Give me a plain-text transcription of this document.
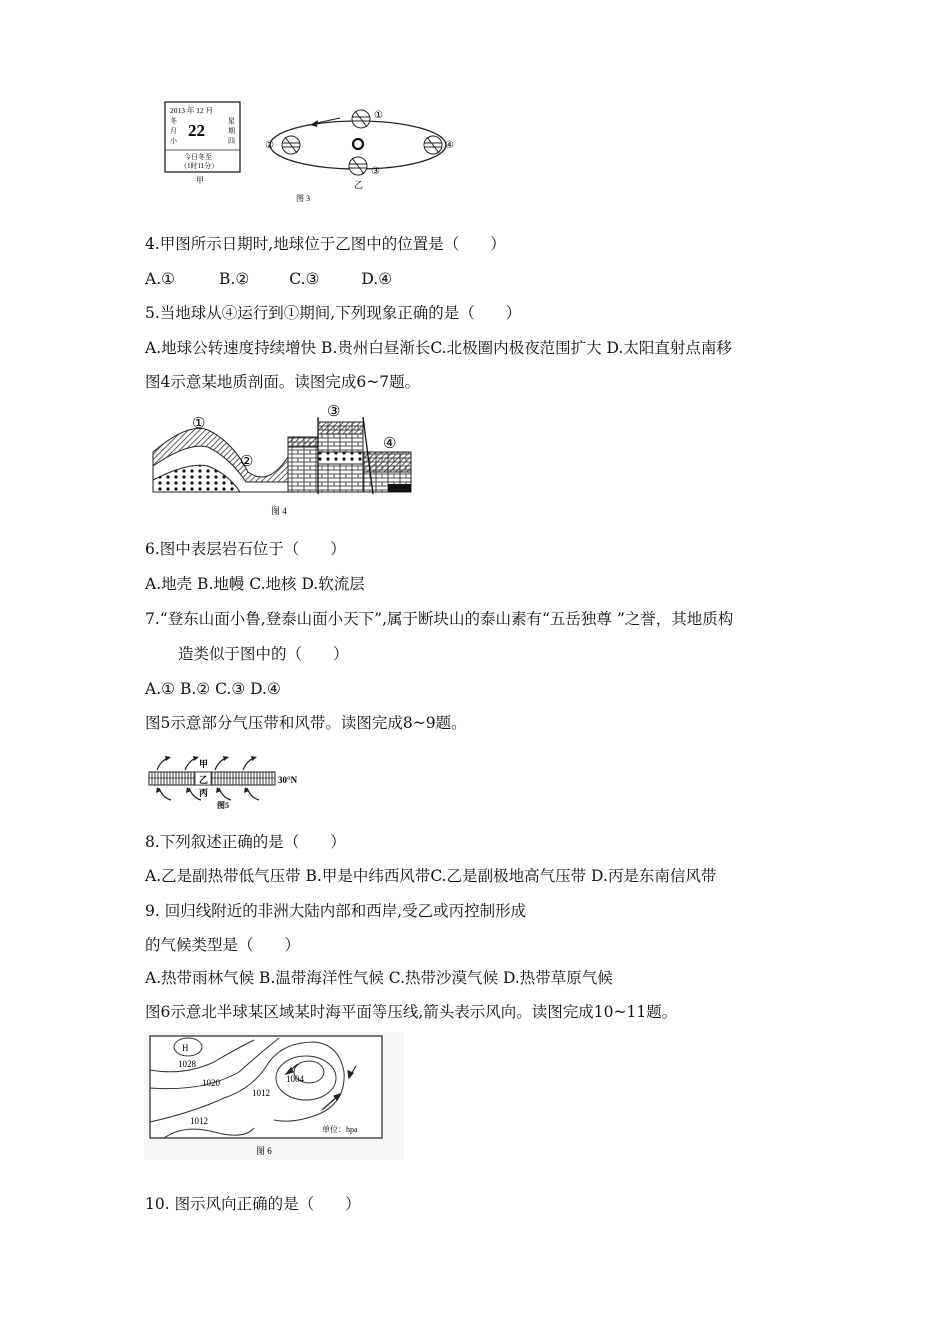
2013 年 12 月
22
冬
月
小
星
期
四
今日冬至
（1时11分）
甲
①
②
③
④
乙
图 3
4.甲图所示日期时,地球位于乙图中的位置是（　　）
A.①	B.②	C.③	D.④
5.当地球从④运行到①期间,下列现象正确的是（　　）
A.地球公转速度持续增快 B.贵州白昼渐长C.北极圈内极夜范围扩大 D.太阳直射点南移
图4示意某地质剖面。读图完成6~7题。
①
②
③
④
图 4
6.图中表层岩石位于（　　）
A.地壳 B.地幔 C.地核 D.软流层
7.“登东山面小鲁,登泰山面小天下”,属于断块山的泰山素有“五岳独尊 ”之誉，其地质构
造类似于图中的（　　）
A.① B.② C.③ D.④
图5示意部分气压带和风带。读图完成8~9题。
甲
乙
丙
30°N
图5
8.下列叙述正确的是（　　）
A.乙是副热带低气压带 B.甲是中纬西风带C.乙是副极地高气压带 D.丙是东南信风带
9. 回归线附近的非洲大陆内部和西岸,受乙或丙控制形成
的气候类型是（　　）
A.热带雨林气候 B.温带海洋性气候 C.热带沙漠气候 D.热带草原气候
图6示意北半球某区域某时海平面等压线,箭头表示风向。读图完成10~11题。
H
1028
1020
1012
1004
1012
单位：hpa
图 6
10. 图示风向正确的是（　　）
